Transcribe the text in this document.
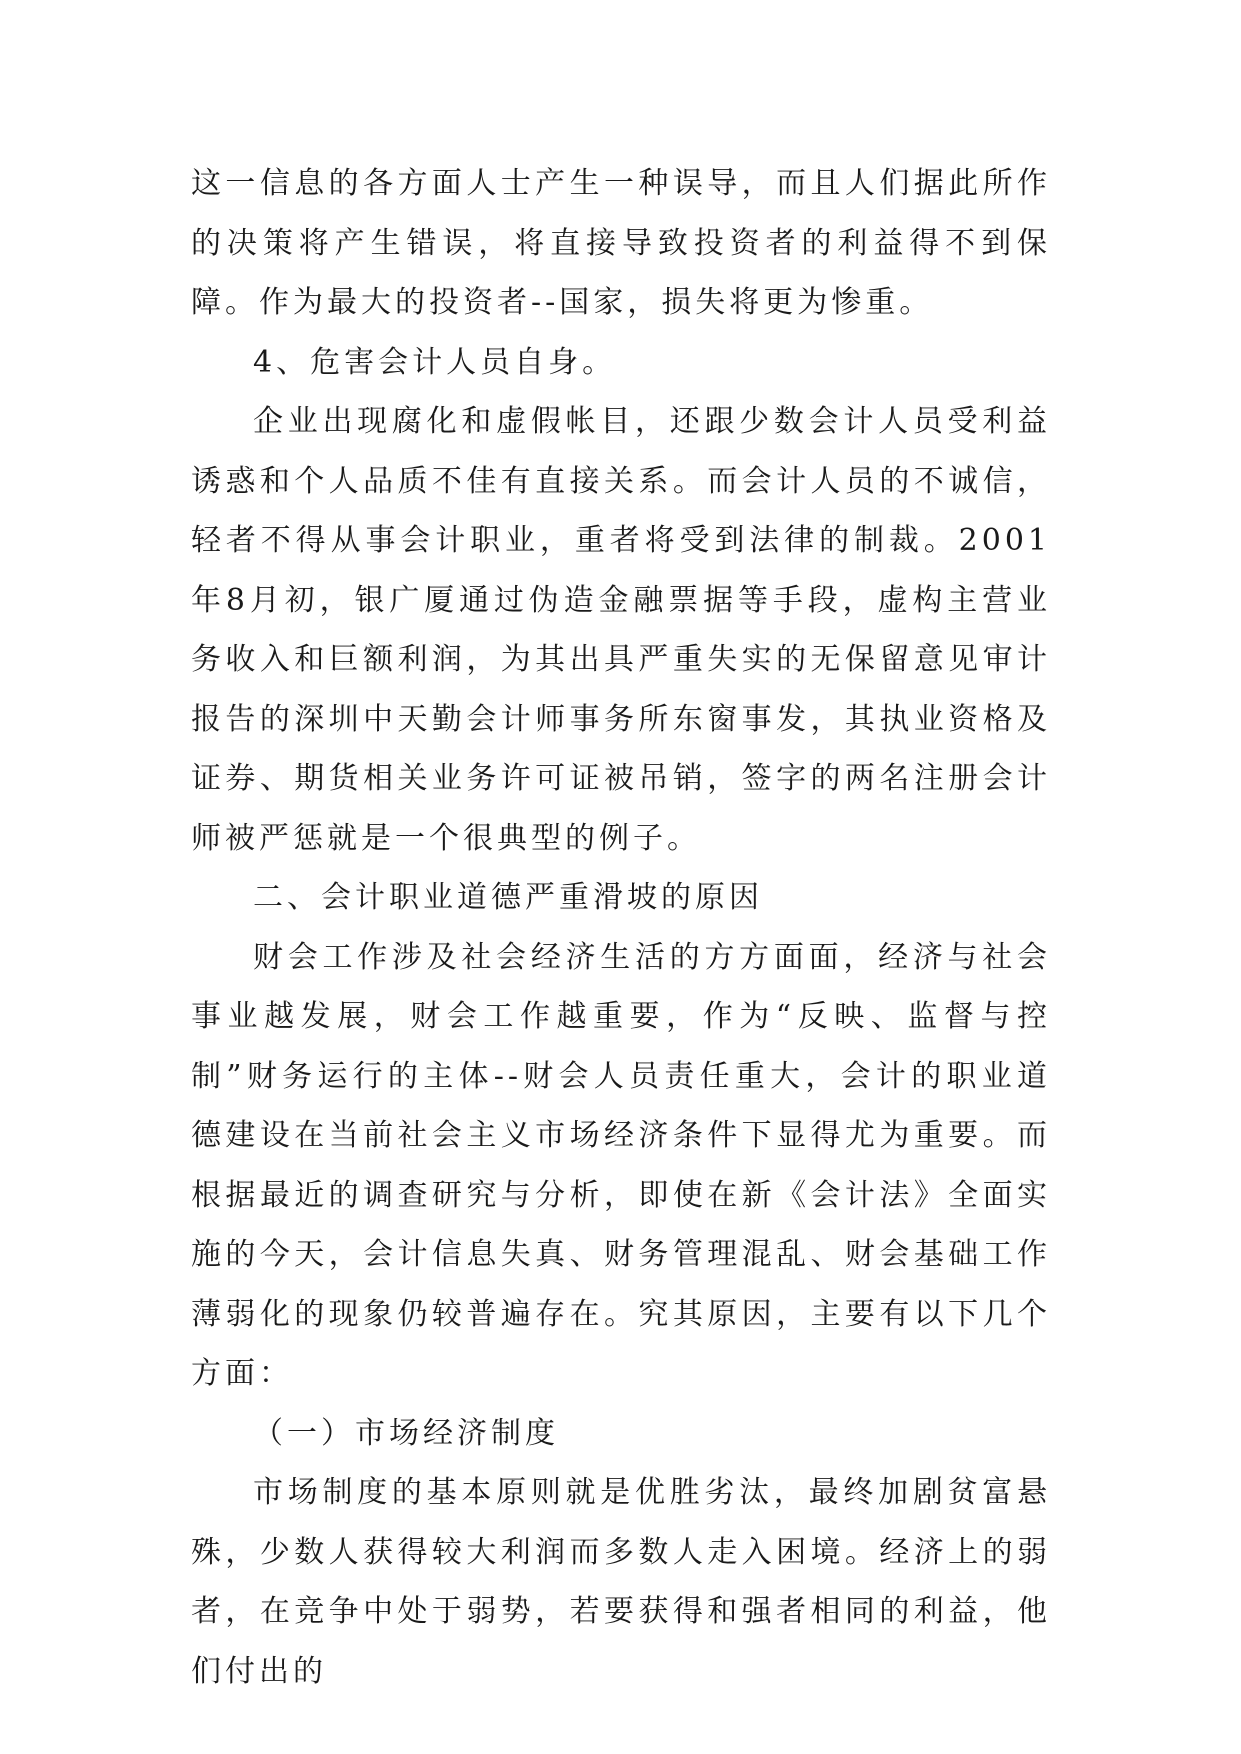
这一信息的各方面人士产生一种误导，而且人们据此所作的决策将产生错误，将直接导致投资者的利益得不到保障。作为最大的投资者--国家，损失将更为惨重。

4、危害会计人员自身。

企业出现腐化和虚假帐目，还跟少数会计人员受利益诱惑和个人品质不佳有直接关系。而会计人员的不诚信，轻者不得从事会计职业，重者将受到法律的制裁。2001年8月初，银广厦通过伪造金融票据等手段，虚构主营业务收入和巨额利润，为其出具严重失实的无保留意见审计报告的深圳中天勤会计师事务所东窗事发，其执业资格及证券、期货相关业务许可证被吊销，签字的两名注册会计师被严惩就是一个很典型的例子。

二、会计职业道德严重滑坡的原因

财会工作涉及社会经济生活的方方面面，经济与社会事业越发展，财会工作越重要，作为“反映、监督与控制”财务运行的主体--财会人员责任重大，会计的职业道德建设在当前社会主义市场经济条件下显得尤为重要。而根据最近的调查研究与分析，即使在新《会计法》全面实施的今天，会计信息失真、财务管理混乱、财会基础工作薄弱化的现象仍较普遍存在。究其原因，主要有以下几个方面：

（一）市场经济制度

市场制度的基本原则就是优胜劣汰，最终加剧贫富悬殊，少数人获得较大利润而多数人走入困境。经济上的弱者，在竞争中处于弱势，若要获得和强者相同的利益，他们付出的
